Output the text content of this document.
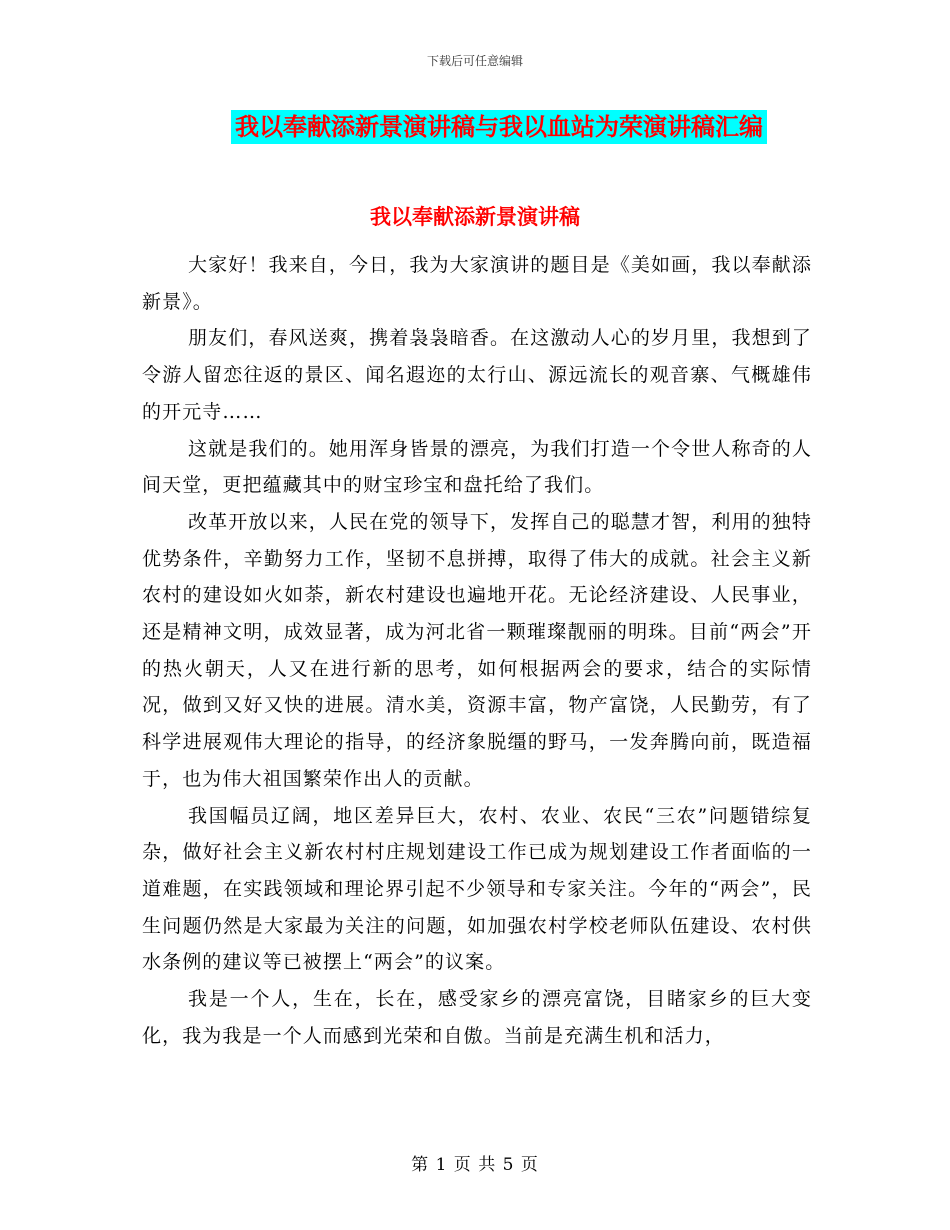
下载后可任意编辑
我以奉献添新景演讲稿与我以血站为荣演讲稿汇编
我以奉献添新景演讲稿

大家好！我来自，今日，我为大家演讲的题目是《美如画，我以奉献添新景》。

朋友们，春风送爽，携着袅袅暗香。在这激动人心的岁月里，我想到了令游人留恋往返的景区、闻名遐迩的太行山、源远流长的观音寨、气概雄伟的开元寺……

这就是我们的。她用浑身皆景的漂亮，为我们打造一个令世人称奇的人间天堂，更把蕴藏其中的财宝珍宝和盘托给了我们。

改革开放以来，人民在党的领导下，发挥自己的聪慧才智，利用的独特优势条件，辛勤努力工作，坚韧不息拼搏，取得了伟大的成就。社会主义新农村的建设如火如荼，新农村建设也遍地开花。无论经济建设、人民事业，还是精神文明，成效显著，成为河北省一颗璀璨靓丽的明珠。目前“两会”开的热火朝天，人又在进行新的思考，如何根据两会的要求，结合的实际情况，做到又好又快的进展。清水美，资源丰富，物产富饶，人民勤劳，有了科学进展观伟大理论的指导，的经济象脱缰的野马，一发奔腾向前，既造福于，也为伟大祖国繁荣作出人的贡献。

我国幅员辽阔，地区差异巨大，农村、农业、农民“三农”问题错综复杂，做好社会主义新农村村庄规划建设工作已成为规划建设工作者面临的一道难题，在实践领域和理论界引起不少领导和专家关注。今年的“两会”，民生问题仍然是大家最为关注的问题，如加强农村学校老师队伍建设、农村供水条例的建议等已被摆上“两会”的议案。

我是一个人，生在，长在，感受家乡的漂亮富饶，目睹家乡的巨大变化，我为我是一个人而感到光荣和自傲。当前是充满生机和活力，

第 1 页 共 5 页
